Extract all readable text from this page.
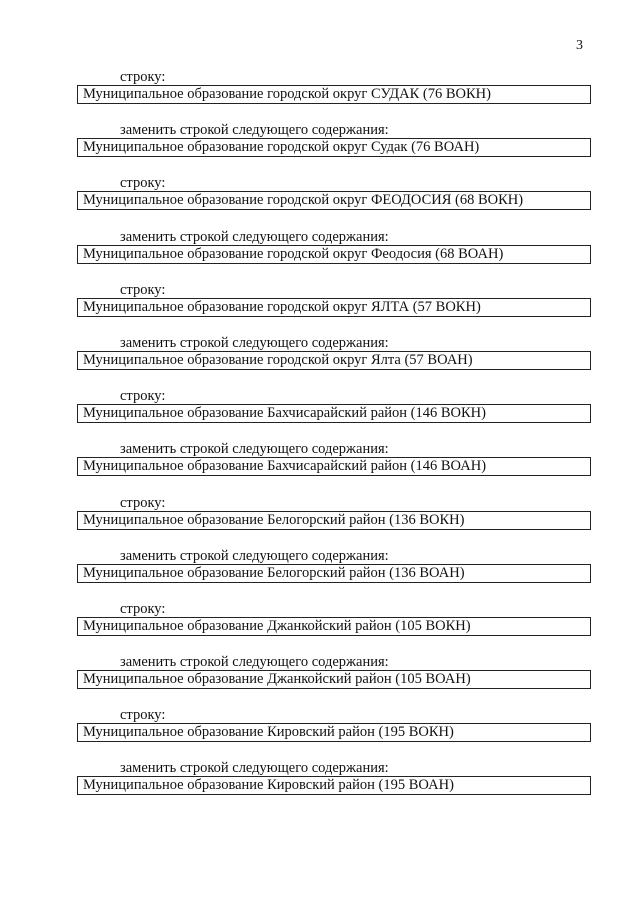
3
строку:
Муниципальное образование городской округ СУДАК (76 ВОКН)
заменить строкой следующего содержания:
Муниципальное образование городской округ Судак (76 ВОАН)
строку:
Муниципальное образование городской округ ФЕОДОСИЯ (68 ВОКН)
заменить строкой следующего содержания:
Муниципальное образование городской округ Феодосия (68 ВОАН)
строку:
Муниципальное образование городской округ ЯЛТА (57 ВОКН)
заменить строкой следующего содержания:
Муниципальное образование городской округ Ялта (57 ВОАН)
строку:
Муниципальное образование Бахчисарайский район (146 ВОКН)
заменить строкой следующего содержания:
Муниципальное образование Бахчисарайский район (146 ВОАН)
строку:
Муниципальное образование Белогорский район (136 ВОКН)
заменить строкой следующего содержания:
Муниципальное образование Белогорский район (136 ВОАН)
строку:
Муниципальное образование Джанкойский район (105 ВОКН)
заменить строкой следующего содержания:
Муниципальное образование Джанкойский район (105 ВОАН)
строку:
Муниципальное образование Кировский район (195 ВОКН)
заменить строкой следующего содержания:
Муниципальное образование Кировский район (195 ВОАН)
